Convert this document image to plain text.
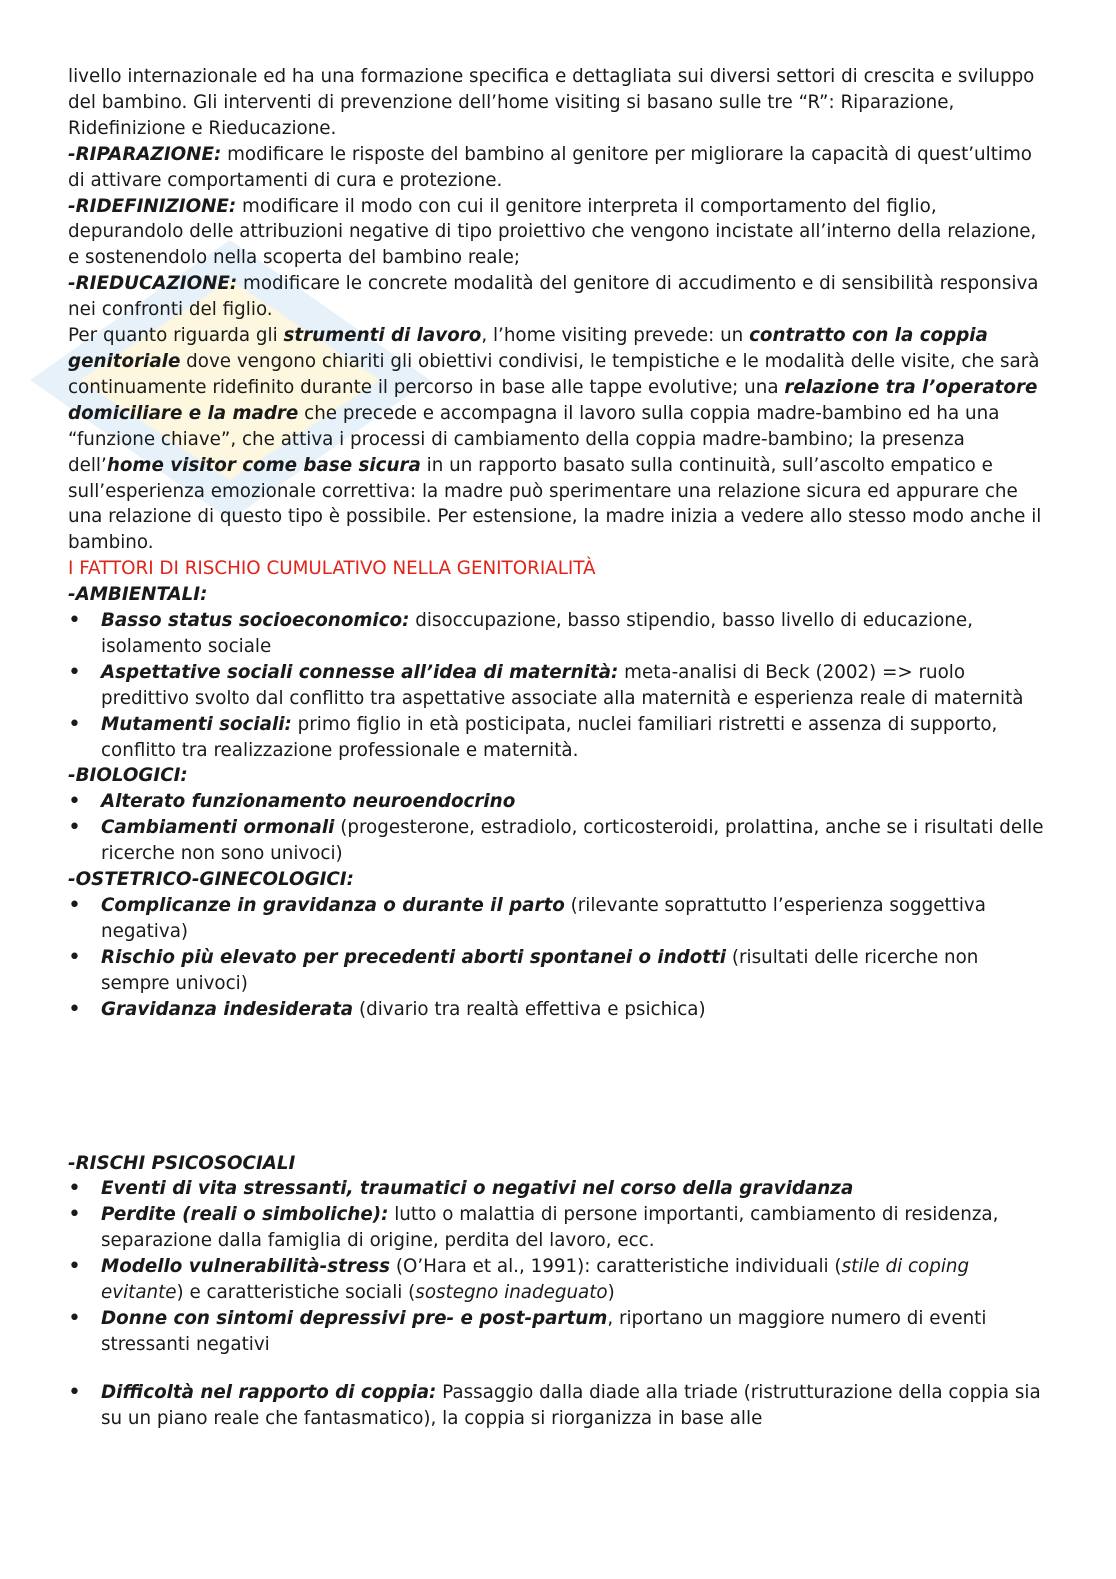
livello internazionale ed ha una formazione specifica e dettagliata sui diversi settori di crescita e sviluppo del bambino. Gli interventi di prevenzione dell’home visiting si basano sulle tre “R”: Riparazione, Ridefinizione e Rieducazione.

-RIPARAZIONE: modificare le risposte del bambino al genitore per migliorare la capacità di quest’ultimo di attivare comportamenti di cura e protezione.

-RIDEFINIZIONE: modificare il modo con cui il genitore interpreta il comportamento del figlio, depurandolo delle attribuzioni negative di tipo proiettivo che vengono incistate all’interno della relazione, e sostenendolo nella scoperta del bambino reale;

-RIEDUCAZIONE: modificare le concrete modalità del genitore di accudimento e di sensibilità responsiva nei confronti del figlio.

Per quanto riguarda gli strumenti di lavoro, l’home visiting prevede: un contratto con la coppia genitoriale dove vengono chiariti gli obiettivi condivisi, le tempistiche e le modalità delle visite, che sarà continuamente ridefinito durante il percorso in base alle tappe evolutive; una relazione tra l’operatore domiciliare e la madre che precede e accompagna il lavoro sulla coppia madre-bambino ed ha una “funzione chiave”, che attiva i processi di cambiamento della coppia madre-bambino; la presenza dell’home visitor come base sicura in un rapporto basato sulla continuità, sull’ascolto empatico e sull’esperienza emozionale correttiva: la madre può sperimentare una relazione sicura ed appurare che una relazione di questo tipo è possibile. Per estensione, la madre inizia a vedere allo stesso modo anche il bambino.

I FATTORI DI RISCHIO CUMULATIVO NELLA GENITORIALITÀ

-AMBIENTALI:

• Basso status socioeconomico: disoccupazione, basso stipendio, basso livello di educazione, isolamento sociale
• Aspettative sociali connesse all’idea di maternità: meta-analisi di Beck (2002) => ruolo predittivo svolto dal conflitto tra aspettative associate alla maternità e esperienza reale di maternità
• Mutamenti sociali: primo figlio in età posticipata, nuclei familiari ristretti e assenza di supporto, conflitto tra realizzazione professionale e maternità.

-BIOLOGICI:

• Alterato funzionamento neuroendocrino
• Cambiamenti ormonali (progesterone, estradiolo, corticosteroidi, prolattina, anche se i risultati delle ricerche non sono univoci)

-OSTETRICO-GINECOLOGICI:

• Complicanze in gravidanza o durante il parto (rilevante soprattutto l’esperienza soggettiva negativa)
• Rischio più elevato per precedenti aborti spontanei o indotti (risultati delle ricerche non sempre univoci)
• Gravidanza indesiderata (divario tra realtà effettiva e psichica)

-RISCHI PSICOSOCIALI

• Eventi di vita stressanti, traumatici o negativi nel corso della gravidanza
• Perdite (reali o simboliche): lutto o malattia di persone importanti, cambiamento di residenza, separazione dalla famiglia di origine, perdita del lavoro, ecc.
• Modello vulnerabilità-stress (O’Hara et al., 1991): caratteristiche individuali (stile di coping evitante) e caratteristiche sociali (sostegno inadeguato)
• Donne con sintomi depressivi pre- e post-partum, riportano un maggiore numero di eventi stressanti negativi
• Difficoltà nel rapporto di coppia: Passaggio dalla diade alla triade (ristrutturazione della coppia sia su un piano reale che fantasmatico), la coppia si riorganizza in base alle
